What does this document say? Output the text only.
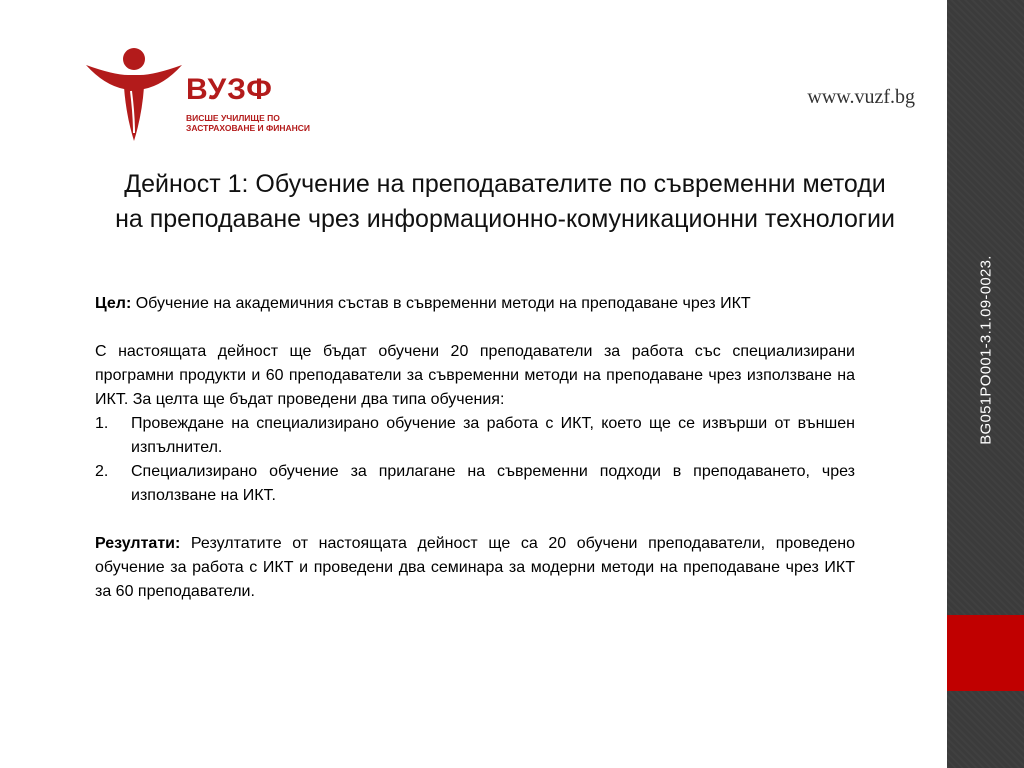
ВУЗФ
ВИСШЕ УЧИЛИЩЕ ПО ЗАСТРАХОВАНЕ И ФИНАНСИ
www.vuzf.bg
Дейност 1: Обучение на преподавателите по съвременни методи на преподаване чрез информационно-комуникационни технологии

Цел: Обучение на академичния състав в съвременни методи на преподаване чрез ИКТ

С настоящата дейност ще бъдат обучени 20 преподаватели за работа със специализирани програмни продукти и 60 преподаватели за съвременни методи на преподаване чрез използване на ИКТ. За целта ще бъдат проведени два типа обучения:

1. Провеждане на специализирано обучение за работа с ИКТ, което ще се извърши от външен изпълнител.
2. Специализирано обучение за прилагане на съвременни подходи в преподаването, чрез използване на ИКТ.

Резултати: Резултатите от настоящата дейност ще са 20 обучени преподаватели, проведено обучение за работа с ИКТ и проведени два семинара за модерни методи на преподаване чрез ИКТ за 60 преподаватели.

BG051PO001-3.1.09-0023.
